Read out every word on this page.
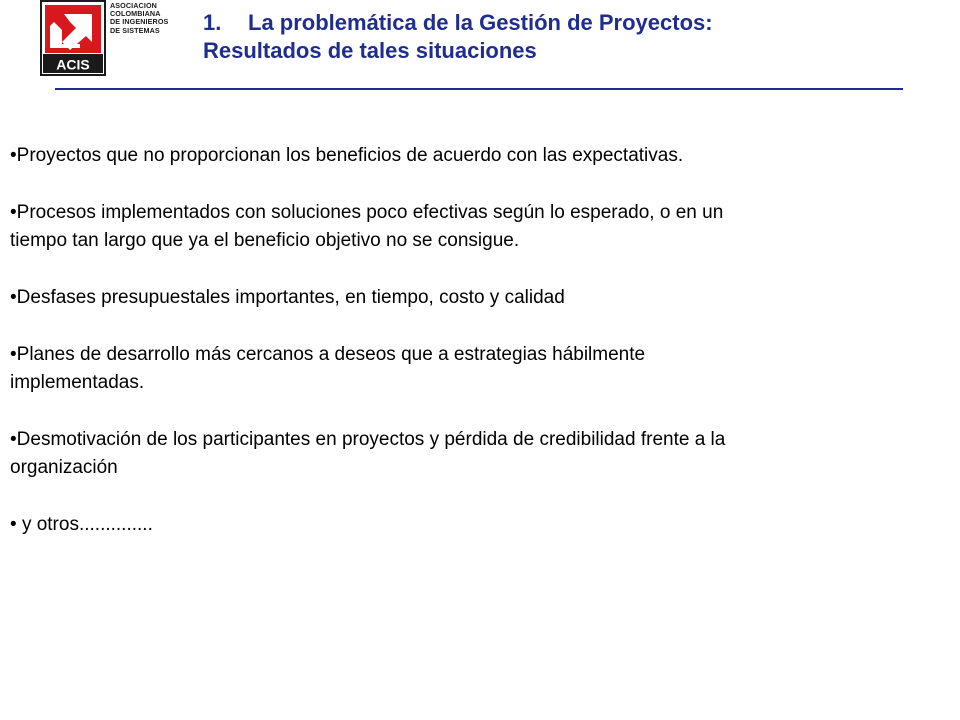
ACIS
ASOCIACION
COLOMBIANA
DE INGENIEROS
DE SISTEMAS	1. La problemática de la Gestión de Proyectos:
Resultados de tales situaciones
•Proyectos que no proporcionan los beneficios de acuerdo con las expectativas.
•Procesos implementados con soluciones poco efectivas según lo esperado, o en un tiempo tan largo que ya el beneficio objetivo no se consigue.
•Desfases presupuestales importantes, en tiempo, costo y calidad
•Planes de desarrollo más cercanos a deseos que a estrategias hábilmente implementadas.
•Desmotivación de los participantes en proyectos y pérdida de credibilidad frente a la organización
• y otros..............
